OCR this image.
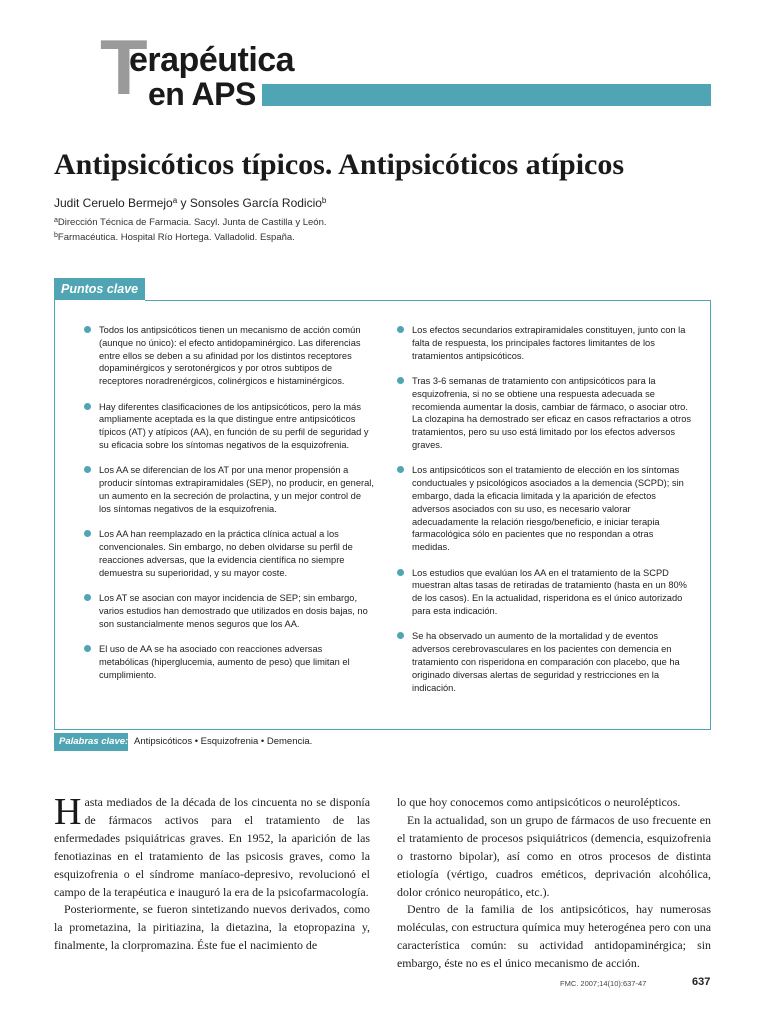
T
erapéutica
en APS
Antipsicóticos típicos. Antipsicóticos atípicos
Judit Ceruelo Bermejo$^a$ y Sonsoles García Rodicio$^b$
$^a$Dirección Técnica de Farmacia. Sacyl. Junta de Castilla y León.
$^b$Farmacéutica. Hospital Río Hortega. Valladolid. España.
Puntos clave
Todos los antipsicóticos tienen un mecanismo de acción común (aunque no único): el efecto antidopaminérgico. Las diferencias entre ellos se deben a su afinidad por los distintos receptores dopaminérgicos y serotonérgicos y por otros subtipos de receptores noradrenérgicos, colinérgicos e histaminérgicos.
Hay diferentes clasificaciones de los antipsicóticos, pero la más ampliamente aceptada es la que distingue entre antipsicóticos típicos (AT) y atípicos (AA), en función de su perfil de seguridad y su eficacia sobre los síntomas negativos de la esquizofrenia.
Los AA se diferencian de los AT por una menor propensión a producir síntomas extrapiramidales (SEP), no producir, en general, un aumento en la secreción de prolactina, y un mejor control de los síntomas negativos de la esquizofrenia.
Los AA han reemplazado en la práctica clínica actual a los convencionales. Sin embargo, no deben olvidarse su perfil de reacciones adversas, que la evidencia científica no siempre demuestra su superioridad, y su mayor coste.
Los AT se asocian con mayor incidencia de SEP; sin embargo, varios estudios han demostrado que utilizados en dosis bajas, no son sustancialmente menos seguros que los AA.
El uso de AA se ha asociado con reacciones adversas metabólicas (hiperglucemia, aumento de peso) que limitan el cumplimiento.
Los efectos secundarios extrapiramidales constituyen, junto con la falta de respuesta, los principales factores limitantes de los tratamientos antipsicóticos.
Tras 3-6 semanas de tratamiento con antipsicóticos para la esquizofrenia, si no se obtiene una respuesta adecuada se recomienda aumentar la dosis, cambiar de fármaco, o asociar otro. La clozapina ha demostrado ser eficaz en casos refractarios a otros tratamientos, pero su uso está limitado por los efectos adversos graves.
Los antipsicóticos son el tratamiento de elección en los síntomas conductuales y psicológicos asociados a la demencia (SCPD); sin embargo, dada la eficacia limitada y la aparición de efectos adversos asociados con su uso, es necesario valorar adecuadamente la relación riesgo/beneficio, e iniciar terapia farmacológica sólo en pacientes que no respondan a otras medidas.
Los estudios que evalúan los AA en el tratamiento de la SCPD muestran altas tasas de retiradas de tratamiento (hasta en un 80% de los casos). En la actualidad, risperidona es el único autorizado para esta indicación.
Se ha observado un aumento de la mortalidad y de eventos adversos cerebrovasculares en los pacientes con demencia en tratamiento con risperidona en comparación con placebo, que ha originado diversas alertas de seguridad y restricciones en la indicación.
Palabras clave: Antipsicóticos • Esquizofrenia • Demencia.

Hasta mediados de la década de los cincuenta no se disponía de fármacos activos para el tratamiento de las enfermedades psiquiátricas graves. En 1952, la aparición de las fenotiazinas en el tratamiento de las psicosis graves, como la esquizofrenia o el síndrome maníaco-depresivo, revolucionó el campo de la terapéutica e inauguró la era de la psicofarmacología.

Posteriormente, se fueron sintetizando nuevos derivados, como la prometazina, la piritiazina, la dietazina, la etopropazina y, finalmente, la clorpromazina. Éste fue el nacimiento de

lo que hoy conocemos como antipsicóticos o neurolépticos.

En la actualidad, son un grupo de fármacos de uso frecuente en el tratamiento de procesos psiquiátricos (demencia, esquizofrenia o trastorno bipolar), así como en otros procesos de distinta etiología (vértigo, cuadros eméticos, deprivación alcohólica, dolor crónico neuropático, etc.).

Dentro de la familia de los antipsicóticos, hay numerosas moléculas, con estructura química muy heterogénea pero con una característica común: su actividad antidopaminérgica; sin embargo, éste no es el único mecanismo de acción.

FMC. 2007;14(10):637-47	637
